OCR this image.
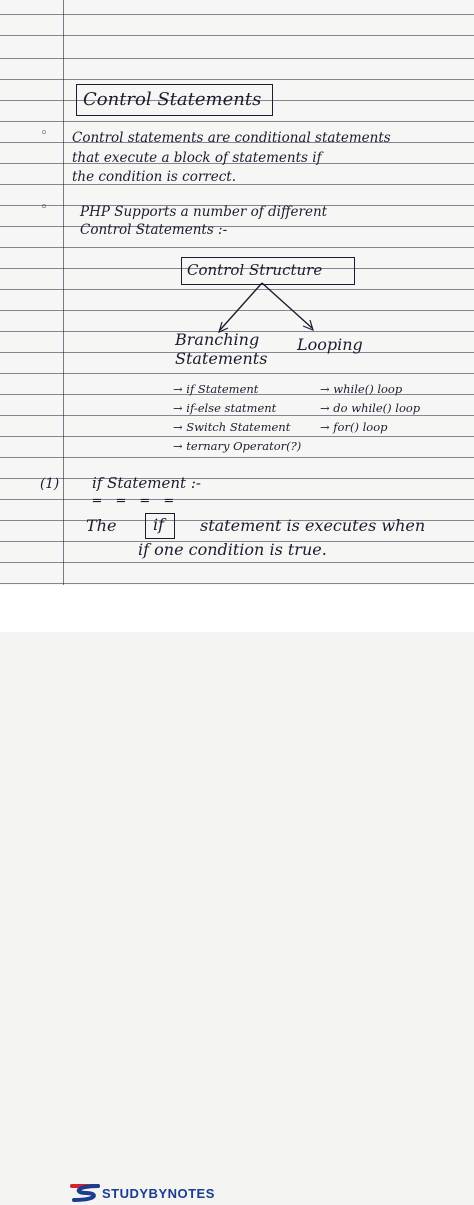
Control Statements
◦ Control statements are conditional statements
that execute a block of statements if
the condition is correct.
◦ PHP Supports a number of different
Control Statements :-
Control Structure
Branching
Statements
Looping
→ if Statement
→ if-else statment
→ Switch Statement
→ ternary Operator(?)
→ while() loop
→ do while() loop
→ for() loop
(1) if Statement :-
═ ═ ═ ═
The if statement is executes when
if one condition is true.
STUDYBYNOTES
